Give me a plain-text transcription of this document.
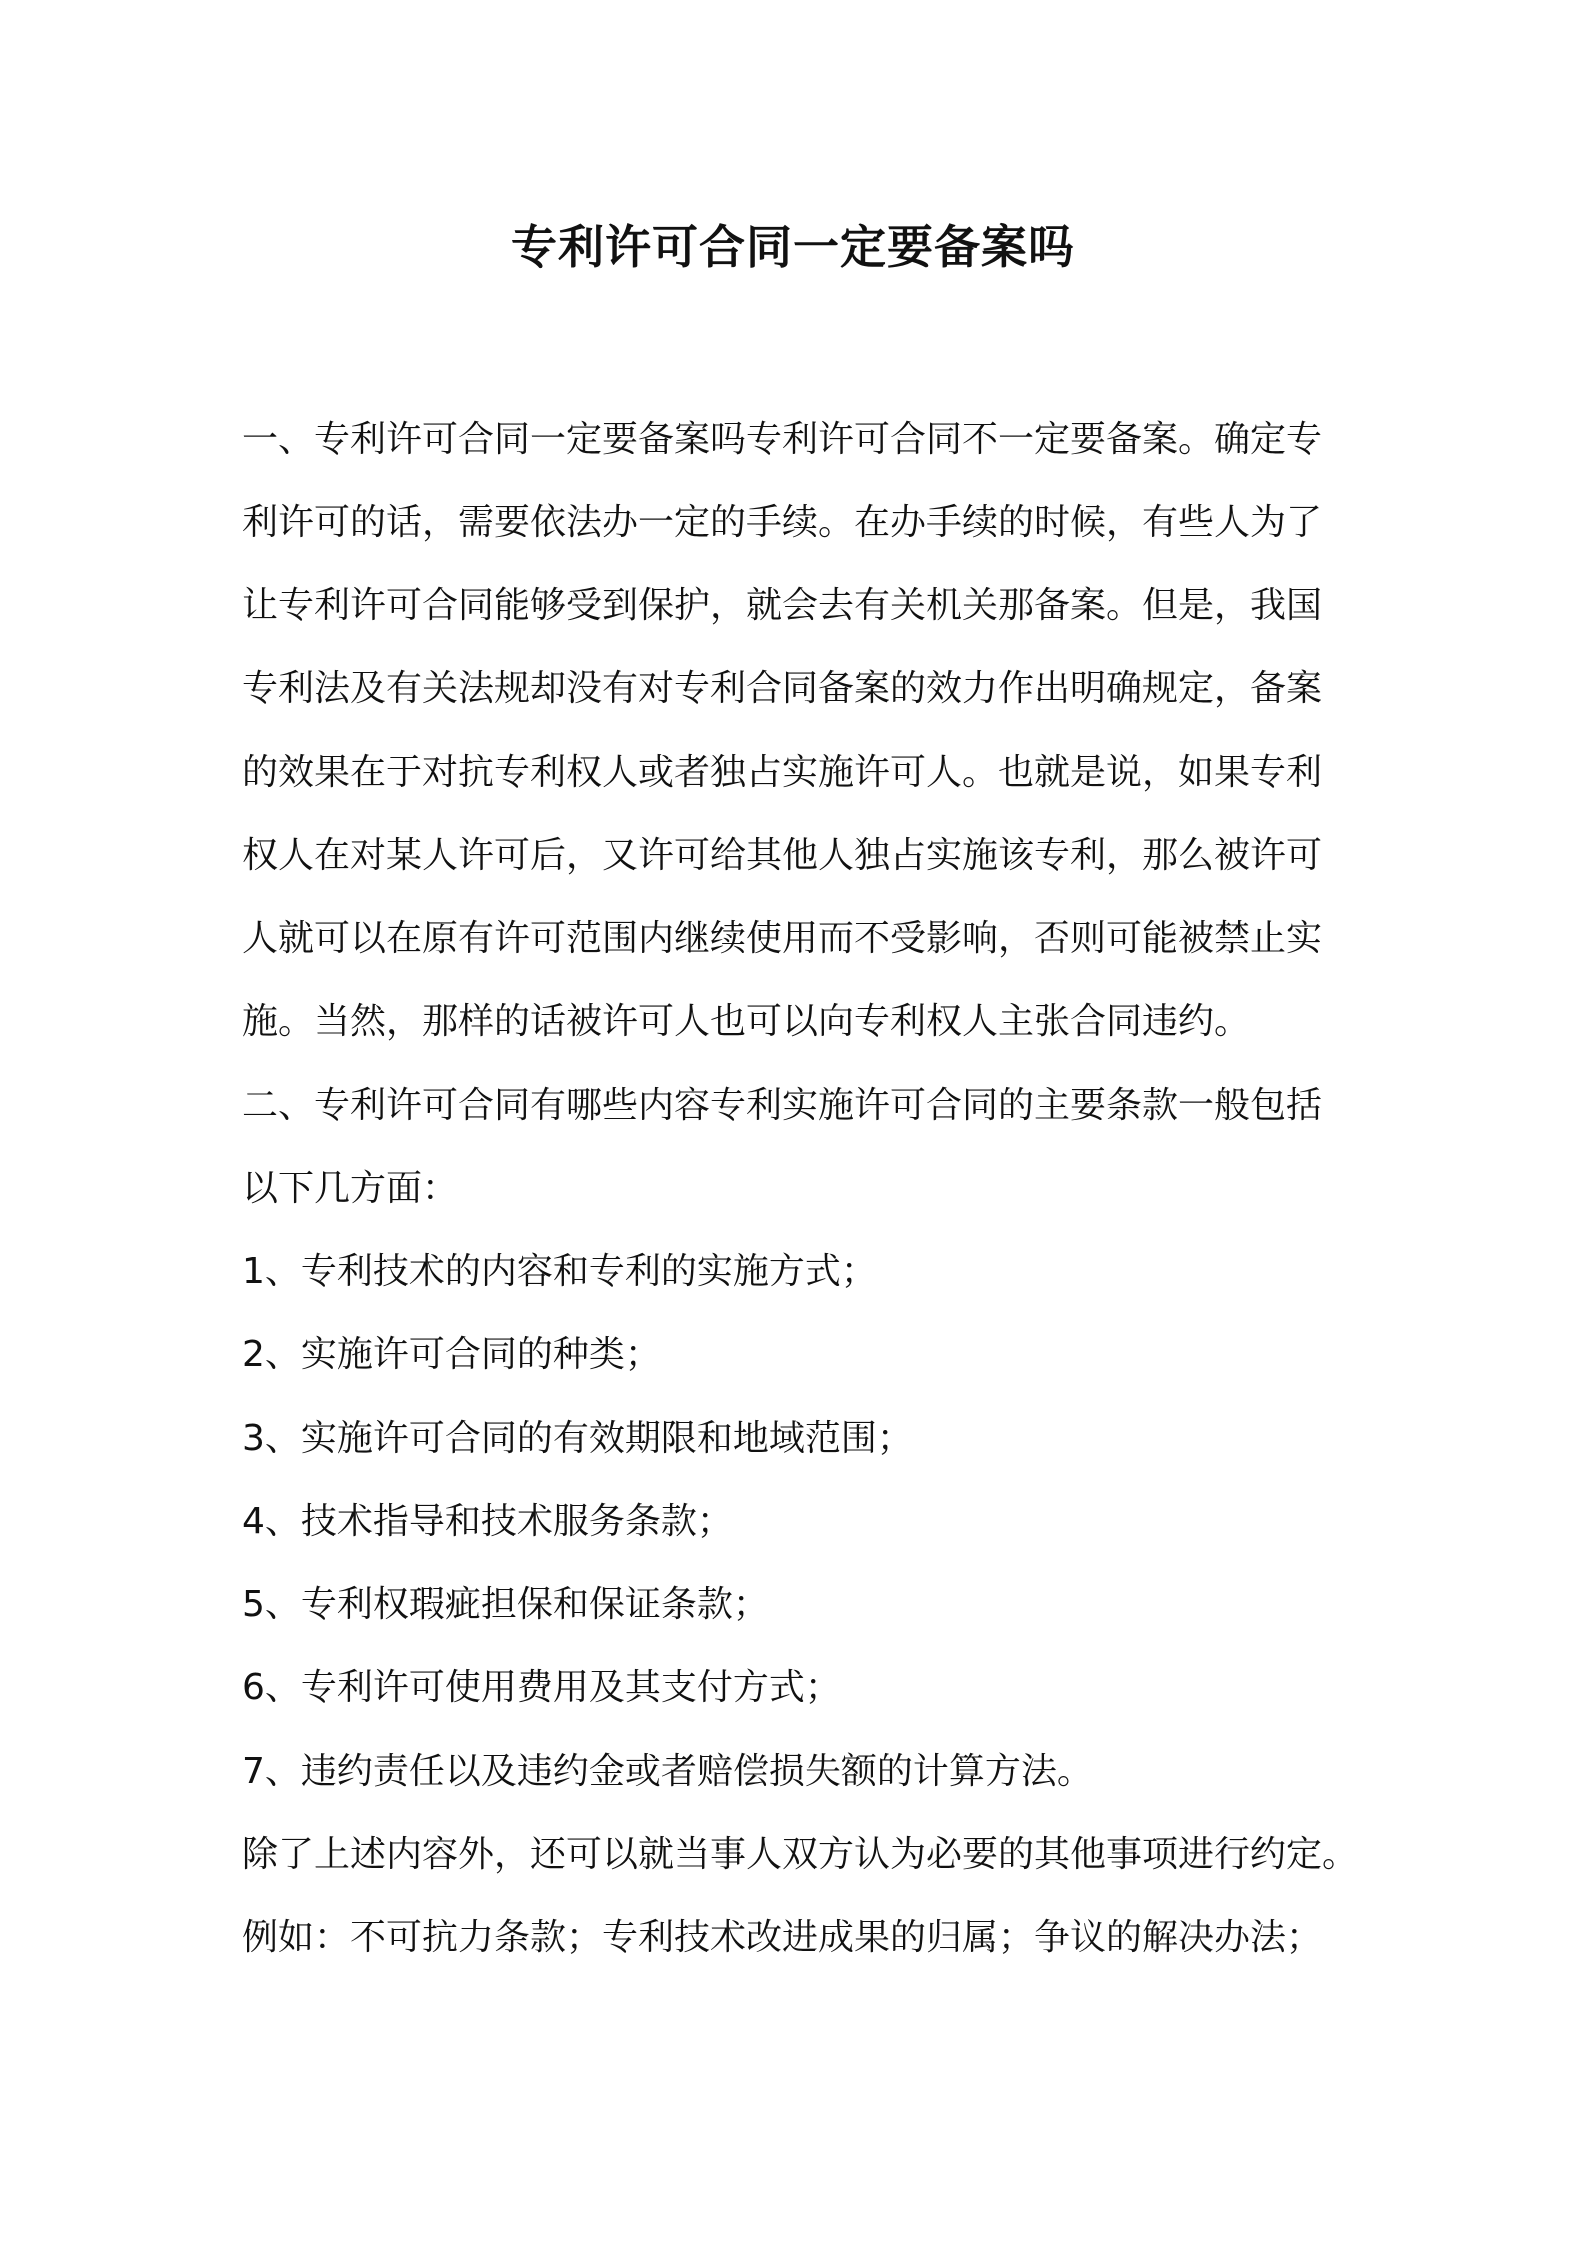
专利许可合同一定要备案吗
一、专利许可合同一定要备案吗专利许可合同不一定要备案。确定专
利许可的话，需要依法办一定的手续。在办手续的时候，有些人为了
让专利许可合同能够受到保护，就会去有关机关那备案。但是，我国
专利法及有关法规却没有对专利合同备案的效力作出明确规定，备案
的效果在于对抗专利权人或者独占实施许可人。也就是说，如果专利
权人在对某人许可后，又许可给其他人独占实施该专利，那么被许可
人就可以在原有许可范围内继续使用而不受影响，否则可能被禁止实
施。当然，那样的话被许可人也可以向专利权人主张合同违约。
二、专利许可合同有哪些内容专利实施许可合同的主要条款一般包括
以下几方面：
1、专利技术的内容和专利的实施方式；
2、实施许可合同的种类；
3、实施许可合同的有效期限和地域范围；
4、技术指导和技术服务条款；
5、专利权瑕疵担保和保证条款；
6、专利许可使用费用及其支付方式；
7、违约责任以及违约金或者赔偿损失额的计算方法。
除了上述内容外，还可以就当事人双方认为必要的其他事项进行约定。
例如：不可抗力条款；专利技术改进成果的归属；争议的解决办法；
